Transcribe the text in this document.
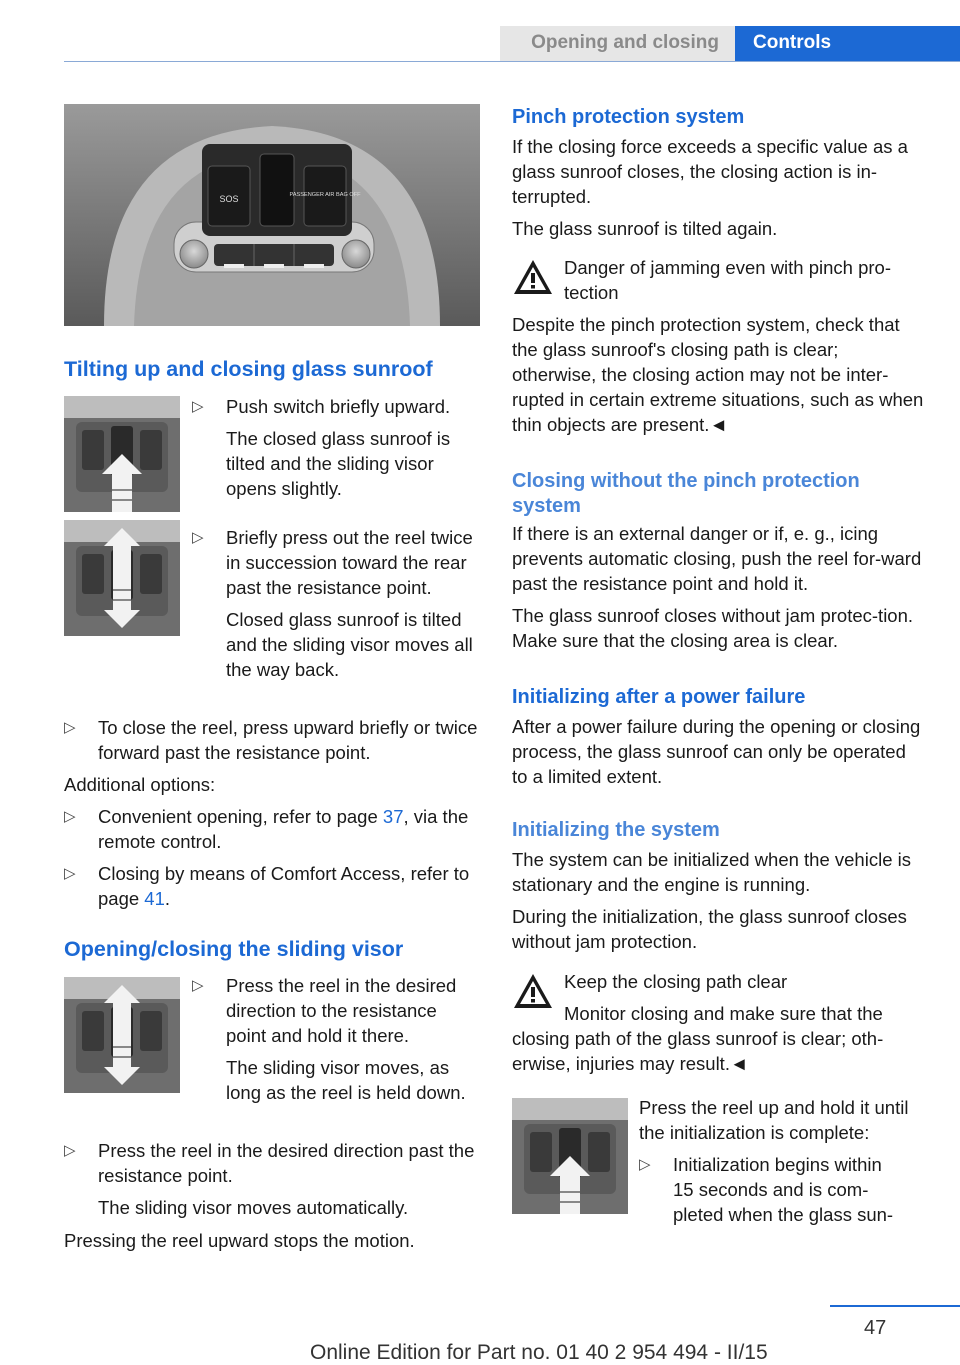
Opening and closing	Controls
SOS	PASSENGER AIR BAG OFF
Tilting up and closing glass sunroof
▷	Push switch briefly upward.

The closed glass sunroof is tilted and the sliding visor opens slightly.

▷	Briefly press out the reel twice in succession toward the rear past the resistance point.

Closed glass sunroof is tilted and the sliding visor moves all the way back.

▷	To close the reel, press upward briefly or twice forward past the resistance point.

Additional options:

▷	Convenient opening, refer to page 37, via the remote control.

▷	Closing by means of Comfort Access, refer to page 41.

Opening/closing the sliding visor
▷	Press the reel in the desired direction to the resistance point and hold it there.

The sliding visor moves, as long as the reel is held down.

▷	Press the reel in the desired direction past the resistance point.

The sliding visor moves automatically.

Pressing the reel upward stops the motion.

Pinch protection system

If the closing force exceeds a specific value as a glass sunroof closes, the closing action is in-terrupted.

The glass sunroof is tilted again.

Danger of jamming even with pinch pro-tection

Despite the pinch protection system, check that the glass sunroof's closing path is clear; otherwise, the closing action may not be inter-rupted in certain extreme situations, such as when thin objects are present.◄

Closing without the pinch protection system

If there is an external danger or if, e. g., icing prevents automatic closing, push the reel for-ward past the resistance point and hold it.

The glass sunroof closes without jam protec-tion. Make sure that the closing area is clear.

Initializing after a power failure

After a power failure during the opening or closing process, the glass sunroof can only be operated to a limited extent.

Initializing the system

The system can be initialized when the vehicle is stationary and the engine is running.

During the initialization, the glass sunroof closes without jam protection.

Keep the closing path clear

Monitor closing and make sure that the closing path of the glass sunroof is clear; oth-erwise, injuries may result.◄

Press the reel up and hold it until the initialization is complete:

▷	Initialization begins within 15 seconds and is com-pleted when the glass sun-

47
Online Edition for Part no. 01 40 2 954 494 - II/15
